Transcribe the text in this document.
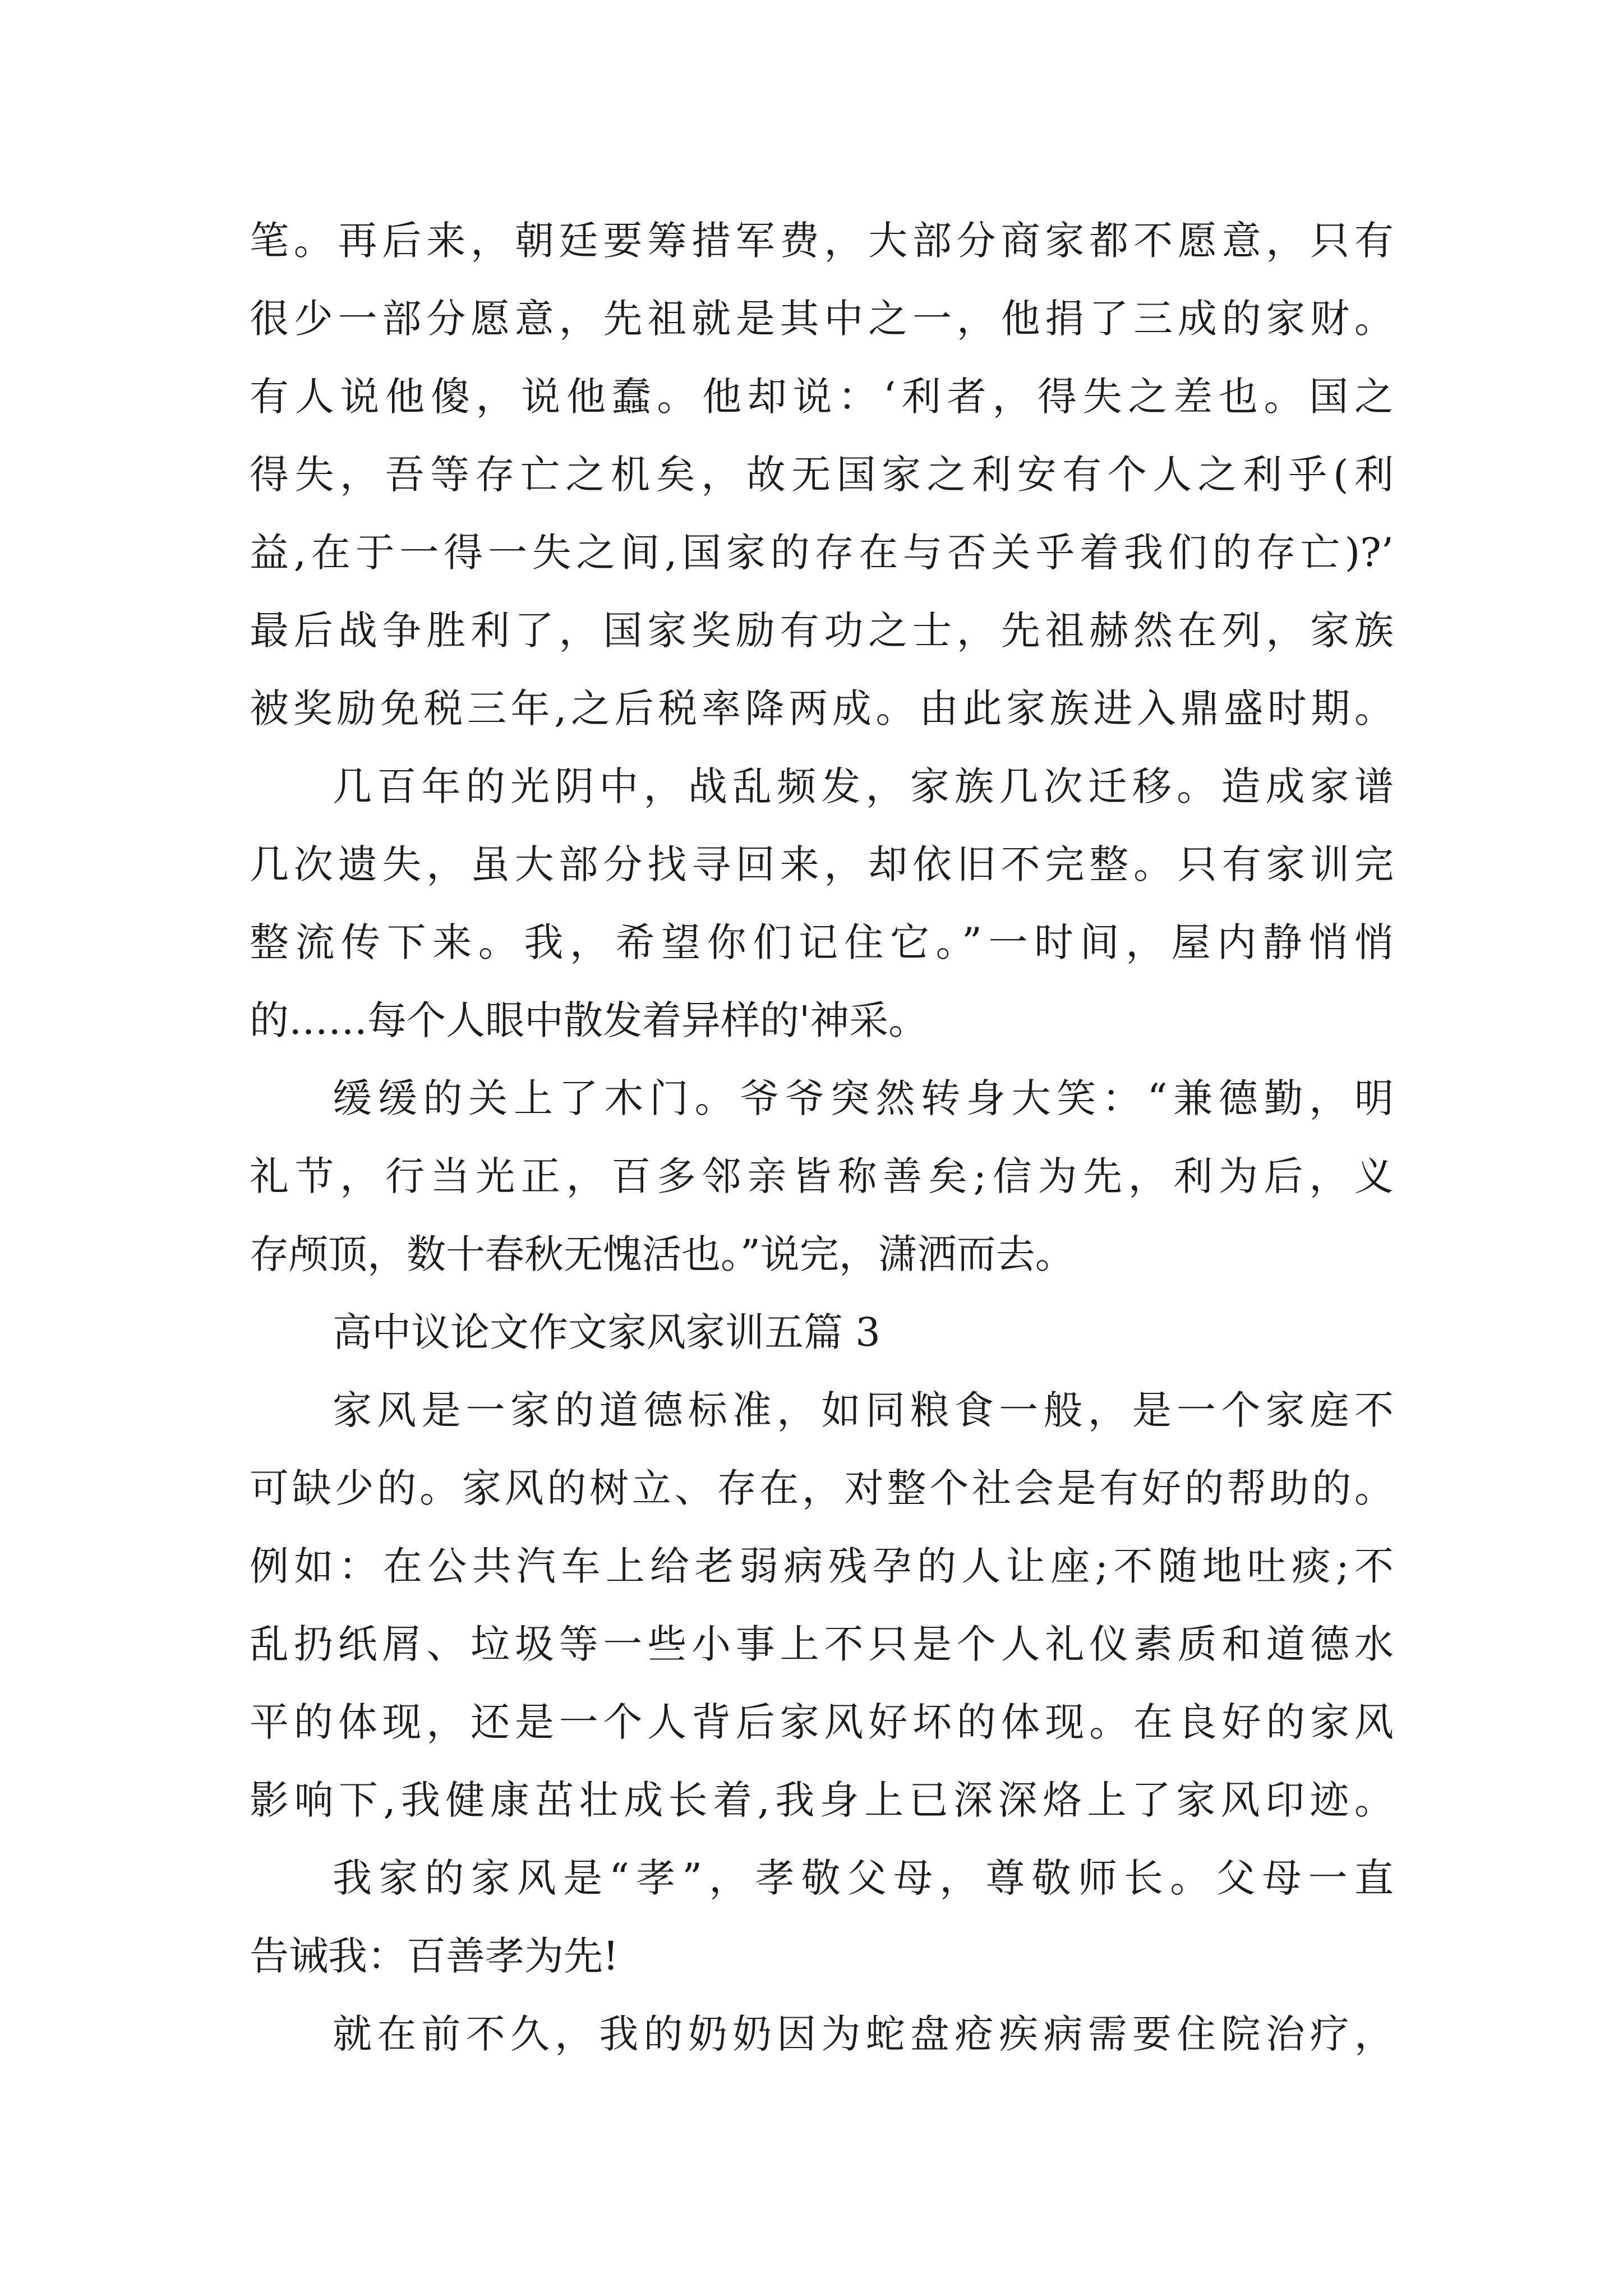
笔。再后来，朝廷要筹措军费，大部分商家都不愿意，只有
很少一部分愿意，先祖就是其中之一，他捐了三成的家财。
有人说他傻，说他蠢。他却说：‘利者，得失之差也。国之
得失，吾等存亡之机矣，故无国家之利安有个人之利乎(利
益,在于一得一失之间,国家的存在与否关乎着我们的存亡)?’
最后战争胜利了，国家奖励有功之士，先祖赫然在列，家族
被奖励免税三年,之后税率降两成。由此家族进入鼎盛时期。
几百年的光阴中，战乱频发，家族几次迁移。造成家谱
几次遗失，虽大部分找寻回来，却依旧不完整。只有家训完
整流传下来。我，希望你们记住它。”一时间，屋内静悄悄
的……每个人眼中散发着异样的'神采。
缓缓的关上了木门。爷爷突然转身大笑：“兼德勤，明
礼节，行当光正，百多邻亲皆称善矣;信为先，利为后，义
存颅顶，数十春秋无愧活也。”说完，潇洒而去。
高中议论文作文家风家训五篇 3
家风是一家的道德标准，如同粮食一般，是一个家庭不
可缺少的。家风的树立、存在，对整个社会是有好的帮助的。
例如：在公共汽车上给老弱病残孕的人让座;不随地吐痰;不
乱扔纸屑、垃圾等一些小事上不只是个人礼仪素质和道德水
平的体现，还是一个人背后家风好坏的体现。在良好的家风
影响下,我健康茁壮成长着,我身上已深深烙上了家风印迹。
我家的家风是“孝”，孝敬父母，尊敬师长。父母一直
告诫我：百善孝为先!
就在前不久，我的奶奶因为蛇盘疮疾病需要住院治疗，
